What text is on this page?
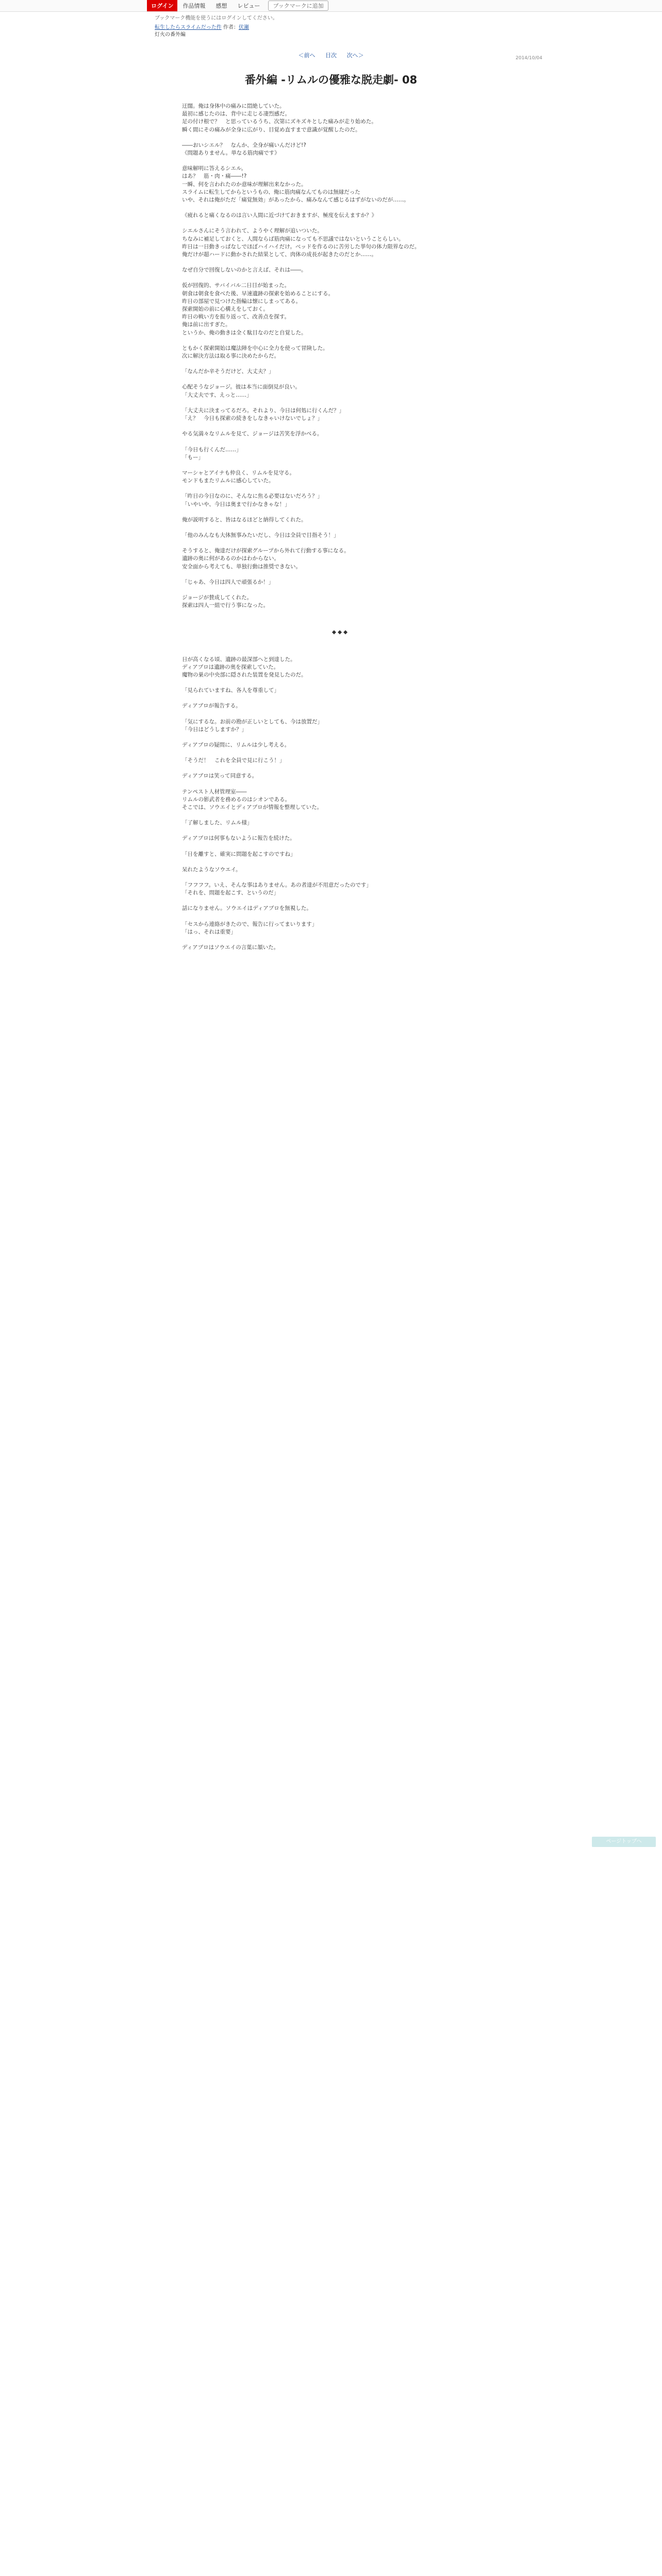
ログイン	作品情報	感想	レビュー	ブックマークに追加
ブックマーク機能を使うにはログインしてください。
転生したらスライムだった件 作者：伏瀬
灯火の番外編
＜前へ 目次 次へ＞	2014/10/04
番外編 -リムルの優雅な脱走劇- 08

迂闊。俺は身体中の痛みに悶絶していた。

最初に感じたのは、背中に走じる凄烈感だ。

足の付け根で？　と思っているうち、次第にズキズキとした痛みが走り始めた。

瞬く間にその痛みが全身に広がり、目覚め直すまで意識が覚醒したのだ。

――おいシエル？　なんか、全身が痛いんだけど!?

《問題ありません。単なる筋肉痛です》

意味解明に答えるシエル。

はあ？　筋・肉・痛――!?

一瞬、何を言われたのか意味が理解出来なかった。

スライムに転生してからというもの、俺に筋肉痛なんてものは無縁だった

いや、それは俺がただ「痛覚無効」があったから、痛みなんて感じるはずがないのだが……。

《疲れると痛くなるのは言い人間に近づけておきますが、極度を伝えますか？》

シエルさんにそう言われて、ようやく理解が追いついた。

ちなみに補足しておくと、人間ならば筋肉痛になっても不思議ではないということらしい。

昨日は一日動きっぱなしでほぼハイハイだけ。ベッドを作るのに苦労した挙句の体力限界なのだ。

俺だけが超ハードに動かされた結果として、肉体の成長が起きたのだとか……。

なぜ自分で回復しないのかと言えば、それは――。

仮が回復的、サバイバル二日目が始まった。

朝食は朝食を食べた後、早速遺跡の探索を始めることにする。

昨日の部屋で見つけた指輪は懐にしまってある。

探索開始の前に心構えをしておく。

昨日の戦い方を振り返って、改善点を探す。

俺は前に出すぎた。

というか、俺の動きは全く駄目なのだと自覚した。

ともかく探索開始は魔法陣を中心に全力を使って冒険した。

次に解決方法は取る事に決めたからだ。

「なんだか辛そうだけど、大丈夫？」

心配そうなジョージ。彼は本当に面倒見が良い。

「大丈夫です、えっと……」

「大丈夫に決まってるだろ。それより、今日は何処に行くんだ？」

「え？　今日も探索の続きをしなきゃいけないでしょ？」

やる気満々なリムルを見て、ジョージは苦笑を浮かべる。

「今日も行くんだ……」

「もー」

マーシャとアイナも仲良く、リムルを見守る。

モンドもまたリムルに感心していた。

「昨日の今日なのに、そんなに焦る必要はないだろう？」

「いやいや、今日は奥まで行かなきゃな！」

俺が説明すると、皆はなるほどと納得してくれた。

「他のみんなも大体無事みたいだし、今日は全員で目指そう！」

そうすると、俺達だけが探索グループから外れて行動する事になる。

遺跡の奥に何があるのかはわからない。

安全面から考えても、単独行動は推奨できない。

「じゃあ、今日は四人で頑張るか！」

ジョージが賛成してくれた。

探索は四人一組で行う事になった。

◆◆◆

日が高くなる頃、遺跡の最深部へと到達した。

ディアブロは遺跡の奥を探索していた。

魔物の巣の中央部に隠された装置を発見したのだ。

「見られていますね、各人を尊重して」

ディアブロが報告する。

「気にするな。お前の勘が正しいとしても、今は放置だ」

「今日はどうしますか？」

ディアブロの疑問に、リムルは少し考える。

「そうだ！　これを全員で見に行こう！」

ディアブロは笑って同意する。

テンペスト人材管理室――

リムルの影武者を務めるのはシオンである。

そこでは、ソウエイとディアブロが情報を整理していた。

「了解しました、リムル様」

ディアブロは何事もないように報告を続けた。

「日を離すと、確実に問題を起こすのですね」

呆れたようなソウエイ。

「フフフフ。いえ、そんな事はありません。あの者達が不用意だったのです」

「それを、問題を起こす、というのだ」

話になりません。ソウエイはディアブロを無視した。

「セスから連絡がきたので、報告に行ってまいります」

「はっ、それは重要」

ディアブロはソウエイの言葉に頷いた。

ページトップへ
